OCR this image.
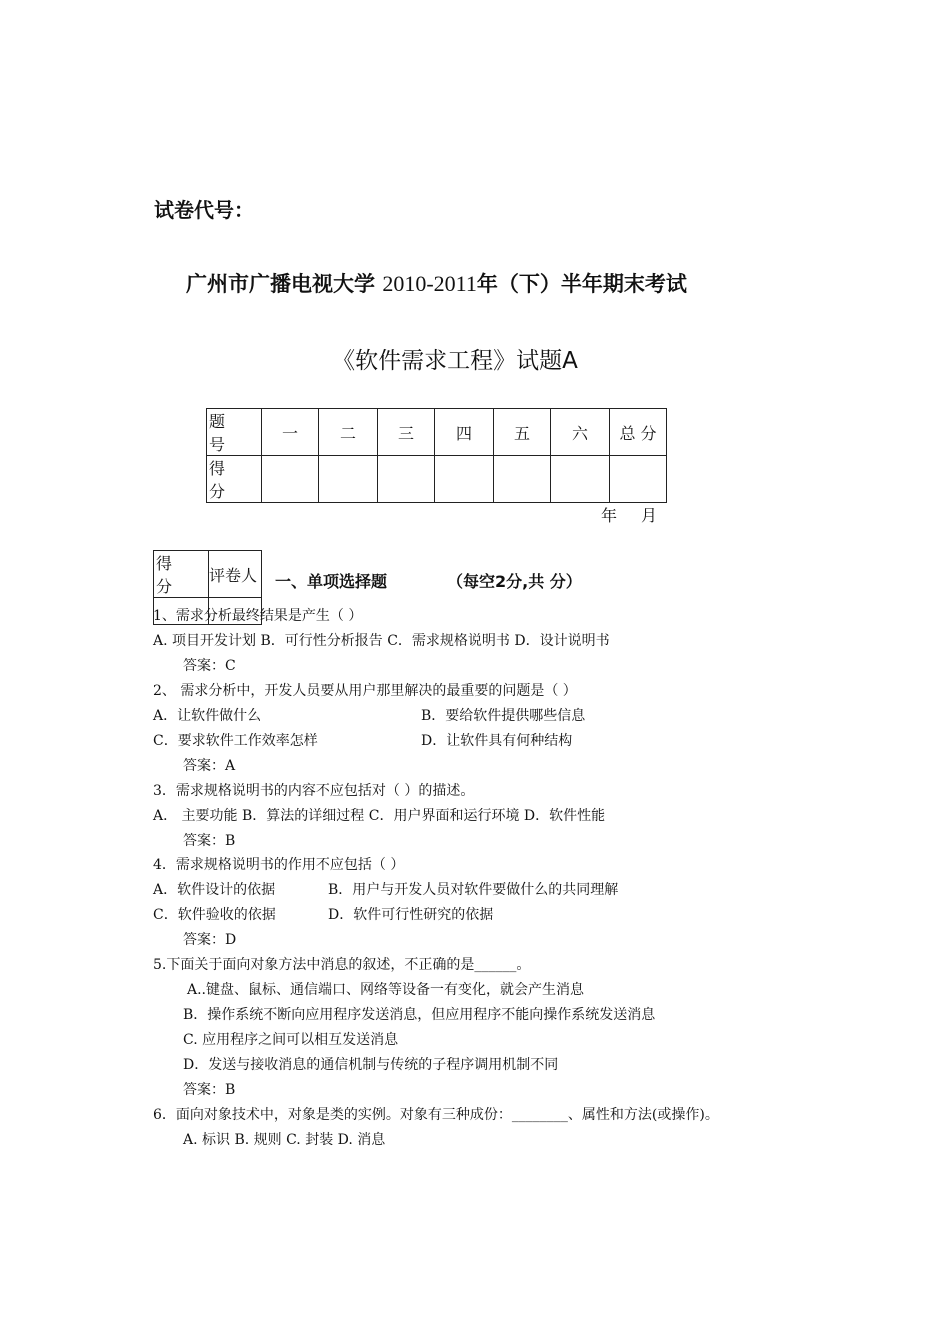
试卷代号：
广州市广播电视大学 2010-2011年（下）半年期末考试
《软件需求工程》试题A
题 号	一	二	三	四	五	六	总 分
得 分							
年 月
得 分	评卷人
	一、单项选择题	（每空2分,共 分）
1、需求分析最终结果是产生（ ）
A. 项目开发计划 B．可行性分析报告 C．需求规格说明书 D．设计说明书
答案：C
2、 需求分析中，开发人员要从用户那里解决的最重要的问题是（ ）
A．让软件做什么	B．要给软件提供哪些信息
C．要求软件工作效率怎样	D．让软件具有何种结构
答案：A
3．需求规格说明书的内容不应包括对（ ）的描述。
A． 主要功能 B．算法的详细过程 C．用户界面和运行环境 D．软件性能
答案：B
4．需求规格说明书的作用不应包括（ ）
A．软件设计的依据	B．用户与开发人员对软件要做什么的共同理解
C．软件验收的依据	D．软件可行性研究的依据
答案：D
5.下面关于面向对象方法中消息的叙述，不正确的是______。
A..键盘、鼠标、通信端口、网络等设备一有变化，就会产生消息
B．操作系统不断向应用程序发送消息，但应用程序不能向操作系统发送消息
C. 应用程序之间可以相互发送消息
D．发送与接收消息的通信机制与传统的子程序调用机制不同
答案：B
6．面向对象技术中，对象是类的实例。对象有三种成份：________、属性和方法(或操作)。
A. 标识 B. 规则 C. 封装 D. 消息
